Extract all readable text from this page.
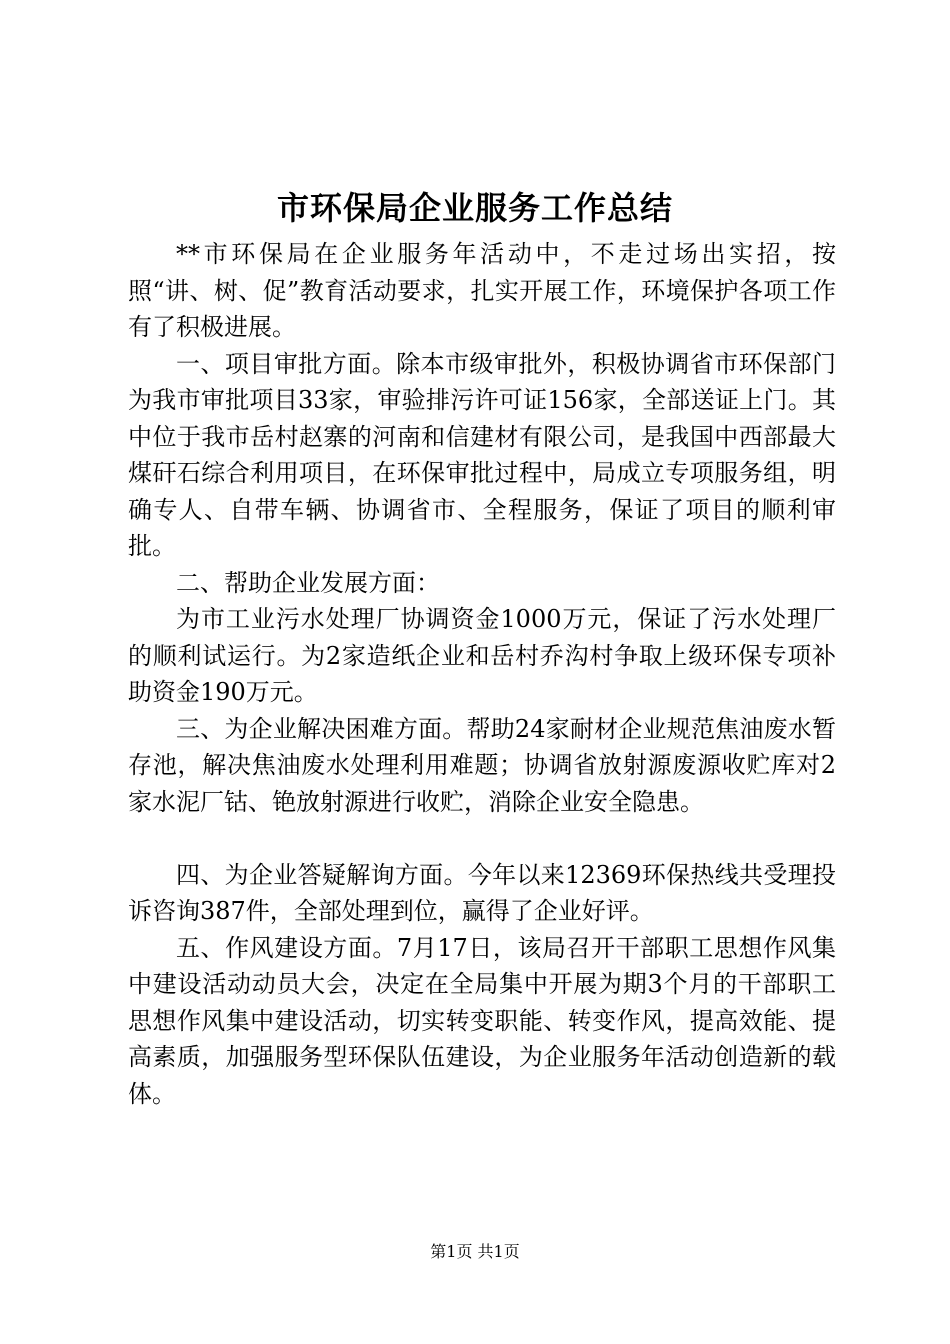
市环保局企业服务工作总结

**市环保局在企业服务年活动中，不走过场出实招，按照“讲、树、促”教育活动要求，扎实开展工作，环境保护各项工作有了积极进展。

一、项目审批方面。除本市级审批外，积极协调省市环保部门为我市审批项目33家，审验排污许可证156家，全部送证上门。其中位于我市岳村赵寨的河南和信建材有限公司，是我国中西部最大煤矸石综合利用项目，在环保审批过程中，局成立专项服务组，明确专人、自带车辆、协调省市、全程服务，保证了项目的顺利审批。

二、帮助企业发展方面：

为市工业污水处理厂协调资金1000万元，保证了污水处理厂的顺利试运行。为2家造纸企业和岳村乔沟村争取上级环保专项补助资金190万元。

三、为企业解决困难方面。帮助24家耐材企业规范焦油废水暂存池，解决焦油废水处理利用难题；协调省放射源废源收贮库对2家水泥厂钴、铯放射源进行收贮，消除企业安全隐患。

四、为企业答疑解询方面。今年以来12369环保热线共受理投诉咨询387件，全部处理到位，赢得了企业好评。

五、作风建设方面。7月17日，该局召开干部职工思想作风集中建设活动动员大会，决定在全局集中开展为期3个月的干部职工思想作风集中建设活动，切实转变职能、转变作风，提高效能、提高素质，加强服务型环保队伍建设，为企业服务年活动创造新的载体。

第1页 共1页
